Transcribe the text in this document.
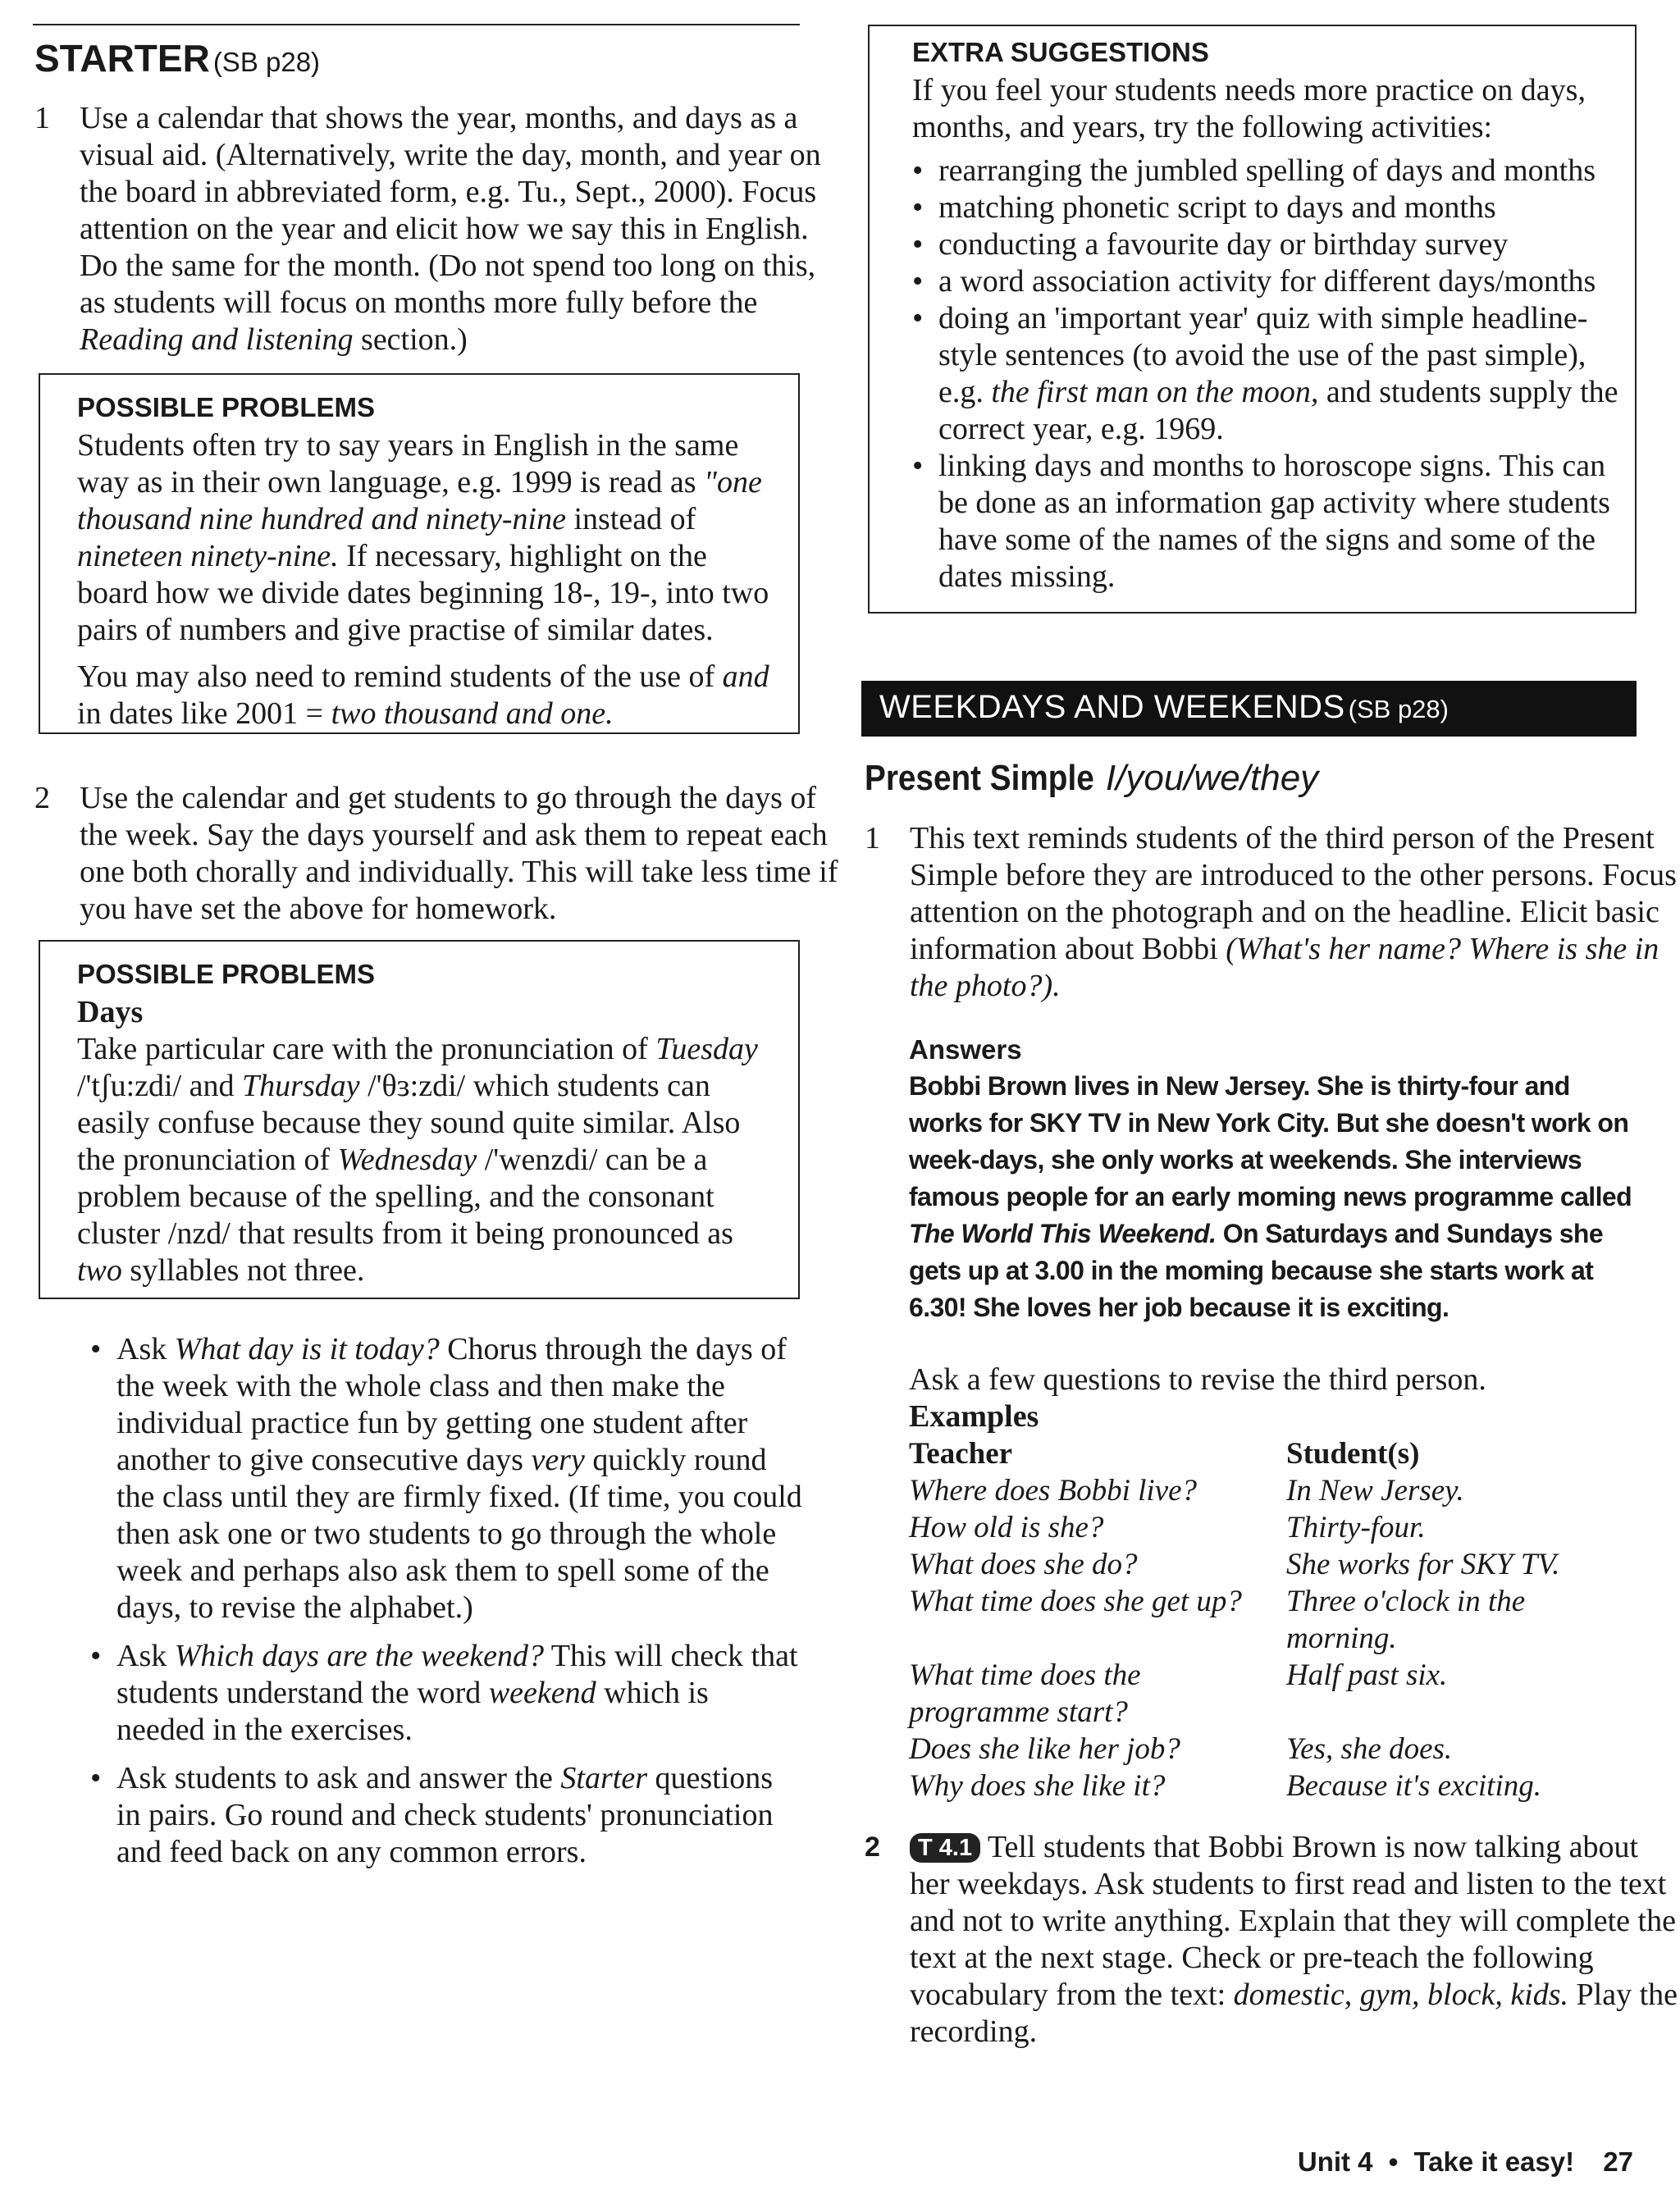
STARTER (SB p28)
1 Use a calendar that shows the year, months, and days as a visual aid. (Alternatively, write the day, month, and year on the board in abbreviated form, e.g. Tu., Sept., 2000). Focus attention on the year and elicit how we say this in English. Do the same for the month. (Do not spend too long on this, as students will focus on months more fully before the Reading and listening section.)
POSSIBLE PROBLEMS

Students often try to say years in English in the same way as in their own language, e.g. 1999 is read as "one thousand nine hundred and ninety-nine instead of nineteen ninety-nine. If necessary, highlight on the board how we divide dates beginning 18-, 19-, into two pairs of numbers and give practise of similar dates.

You may also need to remind students of the use of and in dates like 2001 = two thousand and one.

2 Use the calendar and get students to go through the days of the week. Say the days yourself and ask them to repeat each one both chorally and individually. This will take less time if you have set the above for homework.
POSSIBLE PROBLEMS
Days

Take particular care with the pronunciation of Tuesday /'tʃu:zdi/ and Thursday /'θɜ:zdi/ which students can easily confuse because they sound quite similar. Also the pronunciation of Wednesday /'wenzdi/ can be a problem because of the spelling, and the consonant cluster /nzd/ that results from it being pronounced as two syllables not three.

• Ask What day is it today? Chorus through the days of the week with the whole class and then make the individual practice fun by getting one student after another to give consecutive days very quickly round the class until they are firmly fixed. (If time, you could then ask one or two students to go through the whole week and perhaps also ask them to spell some of the days, to revise the alphabet.)
• Ask Which days are the weekend? This will check that students understand the word weekend which is needed in the exercises.
• Ask students to ask and answer the Starter questions in pairs. Go round and check students' pronunciation and feed back on any common errors.
EXTRA SUGGESTIONS

If you feel your students needs more practice on days, months, and years, try the following activities:

• rearranging the jumbled spelling of days and months
• matching phonetic script to days and months
• conducting a favourite day or birthday survey
• a word association activity for different days/months
• doing an 'important year' quiz with simple headline-style sentences (to avoid the use of the past simple), e.g. the first man on the moon, and students supply the correct year, e.g. 1969.
• linking days and months to horoscope signs. This can be done as an information gap activity where students have some of the names of the signs and some of the dates missing.
WEEKDAYS AND WEEKENDS (SB p28)
Present Simple I/you/we/they
1 This text reminds students of the third person of the Present Simple before they are introduced to the other persons. Focus attention on the photograph and on the headline. Elicit basic information about Bobbi (What's her name? Where is she in the photo?).
Answers
Bobbi Brown lives in New Jersey. She is thirty-four and works for SKY TV in New York City. But she doesn't work on week-days, she only works at weekends. She interviews famous people for an early moming news programme called The World This Weekend. On Saturdays and Sundays she gets up at 3.00 in the moming because she starts work at 6.30! She loves her job because it is exciting.

Ask a few questions to revise the third person.

Examples
Teacher	Student(s)
Where does Bobbi live?	In New Jersey.
How old is she?	Thirty-four.
What does she do?	She works for SKY TV.
What time does she get up?	Three o'clock in the morning.
What time does the programme start?	Half past six.
Does she like her job?	Yes, she does.
Why does she like it?	Because it's exciting.
2 T 4.1 Tell students that Bobbi Brown is now talking about her weekdays. Ask students to first read and listen to the text and not to write anything. Explain that they will complete the text at the next stage. Check or pre-teach the following vocabulary from the text: domestic, gym, block, kids. Play the recording.
Unit 4 • Take it easy! 27
